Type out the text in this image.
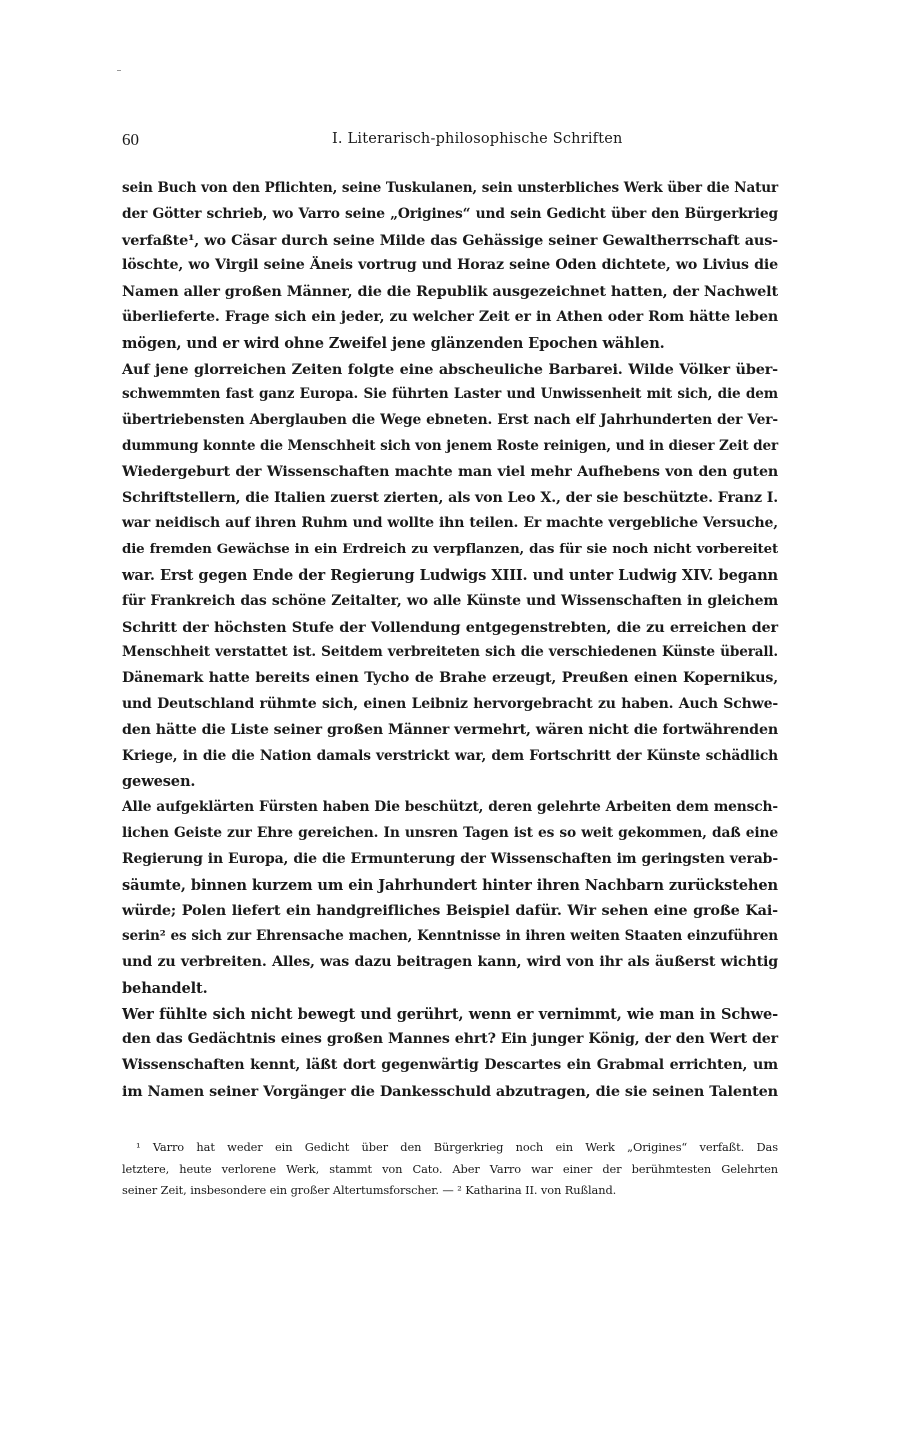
60	I. Literarisch-philosophische Schriften
sein Buch von den Pflichten, seine Tuskulanen, sein unsterbliches Werk über die Natur
der Götter schrieb, wo Varro seine „Origines“ und sein Gedicht über den Bürgerkrieg
verfaßte¹, wo Cäsar durch seine Milde das Gehässige seiner Gewaltherrschaft aus-
löschte, wo Virgil seine Äneis vortrug und Horaz seine Oden dichtete, wo Livius die
Namen aller großen Männer, die die Republik ausgezeichnet hatten, der Nachwelt
überlieferte. Frage sich ein jeder, zu welcher Zeit er in Athen oder Rom hätte leben
mögen, und er wird ohne Zweifel jene glänzenden Epochen wählen.
Auf jene glorreichen Zeiten folgte eine abscheuliche Barbarei. Wilde Völker über-
schwemmten fast ganz Europa. Sie führten Laster und Unwissenheit mit sich, die dem
übertriebensten Aberglauben die Wege ebneten. Erst nach elf Jahrhunderten der Ver-
dummung konnte die Menschheit sich von jenem Roste reinigen, und in dieser Zeit der
Wiedergeburt der Wissenschaften machte man viel mehr Aufhebens von den guten
Schriftstellern, die Italien zuerst zierten, als von Leo X., der sie beschützte. Franz I.
war neidisch auf ihren Ruhm und wollte ihn teilen. Er machte vergebliche Versuche,
die fremden Gewächse in ein Erdreich zu verpflanzen, das für sie noch nicht vorbereitet
war. Erst gegen Ende der Regierung Ludwigs XIII. und unter Ludwig XIV. begann
für Frankreich das schöne Zeitalter, wo alle Künste und Wissenschaften in gleichem
Schritt der höchsten Stufe der Vollendung entgegenstrebten, die zu erreichen der
Menschheit verstattet ist. Seitdem verbreiteten sich die verschiedenen Künste überall.
Dänemark hatte bereits einen Tycho de Brahe erzeugt, Preußen einen Kopernikus,
und Deutschland rühmte sich, einen Leibniz hervorgebracht zu haben. Auch Schwe-
den hätte die Liste seiner großen Männer vermehrt, wären nicht die fortwährenden
Kriege, in die die Nation damals verstrickt war, dem Fortschritt der Künste schädlich
gewesen.
Alle aufgeklärten Fürsten haben Die beschützt, deren gelehrte Arbeiten dem mensch-
lichen Geiste zur Ehre gereichen. In unsren Tagen ist es so weit gekommen, daß eine
Regierung in Europa, die die Ermunterung der Wissenschaften im geringsten verab-
säumte, binnen kurzem um ein Jahrhundert hinter ihren Nachbarn zurückstehen
würde; Polen liefert ein handgreifliches Beispiel dafür. Wir sehen eine große Kai-
serin² es sich zur Ehrensache machen, Kenntnisse in ihren weiten Staaten einzuführen
und zu verbreiten. Alles, was dazu beitragen kann, wird von ihr als äußerst wichtig
behandelt.
Wer fühlte sich nicht bewegt und gerührt, wenn er vernimmt, wie man in Schwe-
den das Gedächtnis eines großen Mannes ehrt? Ein junger König, der den Wert der
Wissenschaften kennt, läßt dort gegenwärtig Descartes ein Grabmal errichten, um
im Namen seiner Vorgänger die Dankesschuld abzutragen, die sie seinen Talenten
¹ Varro hat weder ein Gedicht über den Bürgerkrieg noch ein Werk „Origines“ verfaßt. Das
letztere, heute verlorene Werk, stammt von Cato. Aber Varro war einer der berühmtesten Gelehrten
seiner Zeit, insbesondere ein großer Altertumsforscher. — ² Katharina II. von Rußland.
